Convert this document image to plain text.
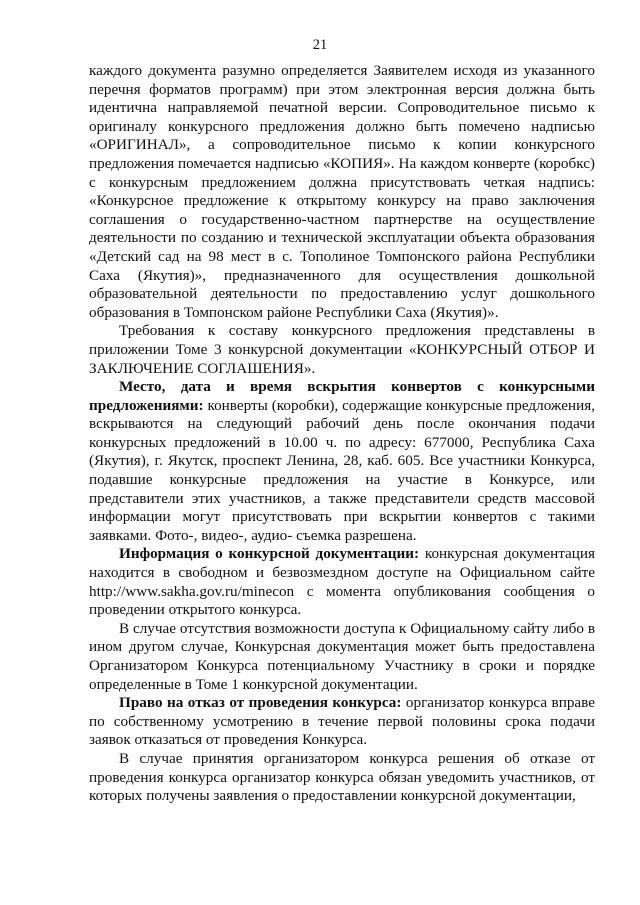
21

каждого документа разумно определяется Заявителем исходя из указанного перечня форматов программ) при этом электронная версия должна быть идентична направляемой печатной версии. Сопроводительное письмо к оригиналу конкурсного предложения должно быть помечено надписью «ОРИГИНАЛ», а сопроводительное письмо к копии конкурсного предложения помечается надписью «КОПИЯ». На каждом конверте (коробкс) с конкурсным предложением должна присутствовать четкая надпись: «Конкурсное предложение к открытому конкурсу на право заключения соглашения о государственно-частном партнерстве на осуществление деятельности по созданию и технической эксплуатации объекта образования «Детский сад на 98 мест в с. Тополиное Томпонского района Республики Саха (Якутия)», предназначенного для осуществления дошкольной образовательной деятельности по предоставлению услуг дошкольного образования в Томпонском районе Республики Саха (Якутия)».

Требования к составу конкурсного предложения представлены в приложении Томе 3 конкурсной документации «КОНКУРСНЫЙ ОТБОР И ЗАКЛЮЧЕНИЕ СОГЛАШЕНИЯ».

Место, дата и время вскрытия конвертов с конкурсными предложениями: конверты (коробки), содержащие конкурсные предложения, вскрываются на следующий рабочий день после окончания подачи конкурсных предложений в 10.00 ч. по адресу: 677000, Республика Саха (Якутия), г. Якутск, проспект Ленина, 28, каб. 605. Все участники Конкурса, подавшие конкурсные предложения на участие в Конкурсе, или представители этих участников, а также представители средств массовой информации могут присутствовать при вскрытии конвертов с такими заявками. Фото-, видео-, аудио- съемка разрешена.

Информация о конкурсной документации: конкурсная документация находится в свободном и безвозмездном доступе на Официальном сайте http://www.sakha.gov.ru/minecon с момента опубликования сообщения о проведении открытого конкурса.

В случае отсутствия возможности доступа к Официальному сайту либо в ином другом случае, Конкурсная документация может быть предоставлена Организатором Конкурса потенциальному Участнику в сроки и порядке определенные в Томе 1 конкурсной документации.

Право на отказ от проведения конкурса: организатор конкурса вправе по собственному усмотрению в течение первой половины срока подачи заявок отказаться от проведения Конкурса.

В случае принятия организатором конкурса решения об отказе от проведения конкурса организатор конкурса обязан уведомить участников, от которых получены заявления о предоставлении конкурсной документации,
